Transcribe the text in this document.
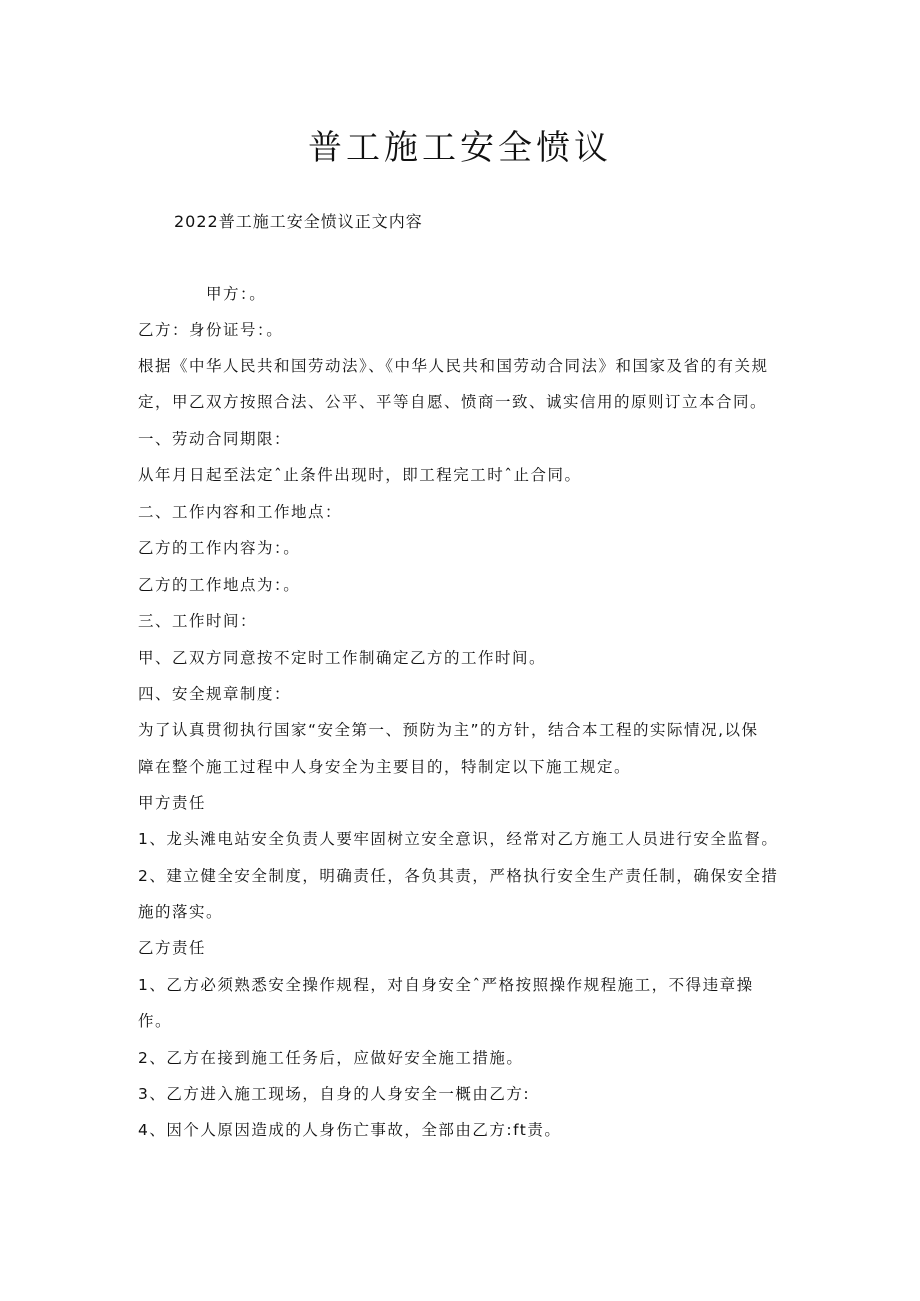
普工施工安全愤议
2022普工施工安全愤议正文内容
甲方：。
乙方：身份证号：。
根据《中华人民共和国劳动法》、《中华人民共和国劳动合同法》和国家及省的有关规
定，甲乙双方按照合法、公平、平等自愿、愤商一致、诚实信用的原则订立本合同。
一、劳动合同期限：
从年月日起至法定ˆ止条件出现时，即工程完工时ˆ止合同。
二、工作内容和工作地点：
乙方的工作内容为：。
乙方的工作地点为：。
三、工作时间：
甲、乙双方同意按不定时工作制确定乙方的工作时间。
四、安全规章制度：
为了认真贯彻执行国家“安全第一、预防为主”的方针，结合本工程的实际情况,以保
障在整个施工过程中人身安全为主要目的，特制定以下施工规定。
甲方责任
1、龙头滩电站安全负责人要牢固树立安全意识，经常对乙方施工人员进行安全监督。
2、建立健全安全制度，明确责任，各负其责，严格执行安全生产责任制，确保安全措
施的落实。
乙方责任
1、乙方必须熟悉安全操作规程，对自身安全ˆ严格按照操作规程施工，不得违章操
作。
2、乙方在接到施工任务后，应做好安全施工措施。
3、乙方进入施工现场，自身的人身安全一概由乙方:
4、因个人原因造成的人身伤亡事故，全部由乙方:ft责。
